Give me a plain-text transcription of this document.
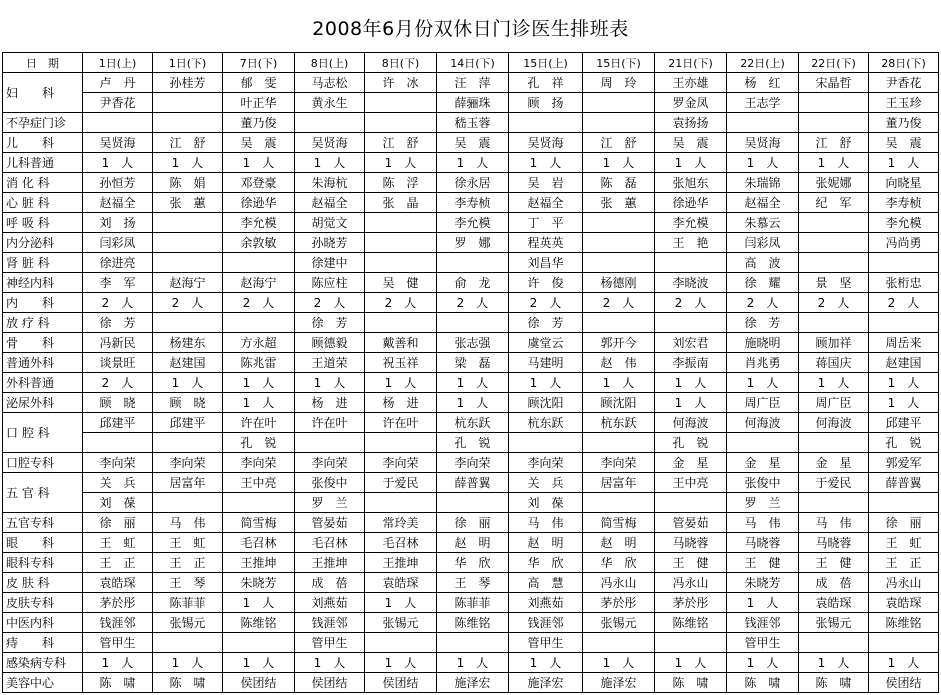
2008年6月份双休日门诊医生排班表
日　期	1日(上)	1日(下)	7日(下)	8日(上)	8日(下)	14日(下)	15日(上)	15日(下)	21日(下)	22日(上)	22日(下)	28日(下)
妇　　科	卢　丹	孙桂芳	郁　雯	马志松	许　冰	汪　萍	孔　祥	周　玲	王亦雄	杨　红	宋晶哲	尹香花
	尹香花		叶正华	黄永生		薛骊珠	顾　扬		罗金凤	王志学		王玉珍
不孕症门诊			董乃俊			嵇玉蓉			袁扬扬			董乃俊
儿　　科	吴贤海	江　舒	吴　震	吴贤海	江　舒	吴　震	吴贤海	江　舒	吴　震	吴贤海	江　舒	吴　震
儿科普通	1　人	1　人	1　人	1　人	1　人	1　人	1　人	1　人	1　人	1　人	1　人	1　人
消 化 科	孙恒芳	陈　娟	邓登豪	朱海杭	陈　浮	徐永居	吴　岩	陈　磊	张旭东	朱瑞锦	张妮娜	向晓星
心 脏 科	赵福全	张　蕙	徐逊华	赵福全	张　晶	李寿桢	赵福全	张　蕙	徐逊华	赵福全	纪　军	李寿桢
呼 吸 科	刘　扬		李允模	胡觉文		李允模	丁　平		李允模	朱慕云		李允模
内分泌科	闫彩凤		余敦敏	孙晓芳		罗　娜	程英英		王　艳	闫彩凤		冯尚勇
肾 脏 科	徐进亮			徐建中			刘昌华			高　波		
神经内科	李　军	赵海宁	赵海宁	陈应柱	吴　健	俞　龙	许　俊	杨德刚	李晓波	徐　耀	景　坚	张桁忠
内　　科	2　人	2　人	2　人	2　人	2　人	2　人	2　人	2　人	2　人	2　人	2　人	2　人
放 疗 科	徐　芳			徐　芳			徐　芳			徐　芳		
骨　　科	冯新民	杨建东	方永超	顾德毅	戴善和	张志强	虞堂云	郭开今	刘宏君	施晓明	顾加祥	周岳来
普通外科	谈景旺	赵建国	陈兆雷	王道荣	祝玉祥	梁　磊	马建明	赵　伟	李振南	肖兆勇	蒋国庆	赵建国
外科普通	2　人	1　人	1　人	1　人	1　人	1　人	1　人	1　人	1　人	1　人	1　人	1　人
泌尿外科	顾　晓	顾　晓	1　人	杨　进	杨　进	1　人	顾沈阳	顾沈阳	1　人	周广臣	周广臣	1　人
口 腔 科	邱建平	邱建平	许在叶	许在叶	许在叶	杭东跃	杭东跃	杭东跃	何海波	何海波	何海波	邱建平
			孔　锐			孔　锐			孔　锐			孔　锐
口腔专科	李向荣	李向荣	李向荣	李向荣	李向荣	李向荣	李向荣	李向荣	金　星	金　星	金　星	郭爱军
五 官 科	关　兵	居富年	王中亮	张俊中	于爱民	薛普翼	关　兵	居富年	王中亮	张俊中	于爱民	薛普翼
	刘　葆			罗　兰			刘　葆			罗　兰		
五官专科	徐　丽	马　伟	简雪梅	管晏茹	常玲美	徐　丽	马　伟	简雪梅	管晏茹	马　伟	马　伟	徐　丽
眼　　科	王　虹	王　虹	毛召林	毛召林	毛召林	赵　明	赵　明	赵　明	马晓蓉	马晓蓉	马晓蓉	王　虹
眼科专科	王　正	王　正	王推坤	王推坤	王推坤	华　欣	华　欣	华　欣	王　健	王　健	王　健	王　正
皮 肤 科	袁皓琛	王　琴	朱晓芳	成　蓓	袁皓琛	王　琴	高　慧	冯永山	冯永山	朱晓芳	成　蓓	冯永山
皮肤专科	茅於彤	陈菲菲	1　人	刘燕茹	1　人	陈菲菲	刘燕茹	茅於彤	茅於彤	1　人	袁皓琛	袁皓琛
中医内科	钱涯邻	张锡元	陈维铭	钱涯邻	张锡元	陈维铭	钱涯邻	张锡元	陈维铭	钱涯邻	张锡元	陈维铭
痔　　科	管甲生			管甲生			管甲生			管甲生		
感染病专科	1　人	1　人	1　人	1　人	1　人	1　人	1　人	1　人	1　人	1　人	1　人	1　人
美容中心	陈　啸	陈　啸	侯团结	侯团结	侯团结	施泽宏	施泽宏	施泽宏	陈　啸	陈　啸	陈　啸	侯团结
